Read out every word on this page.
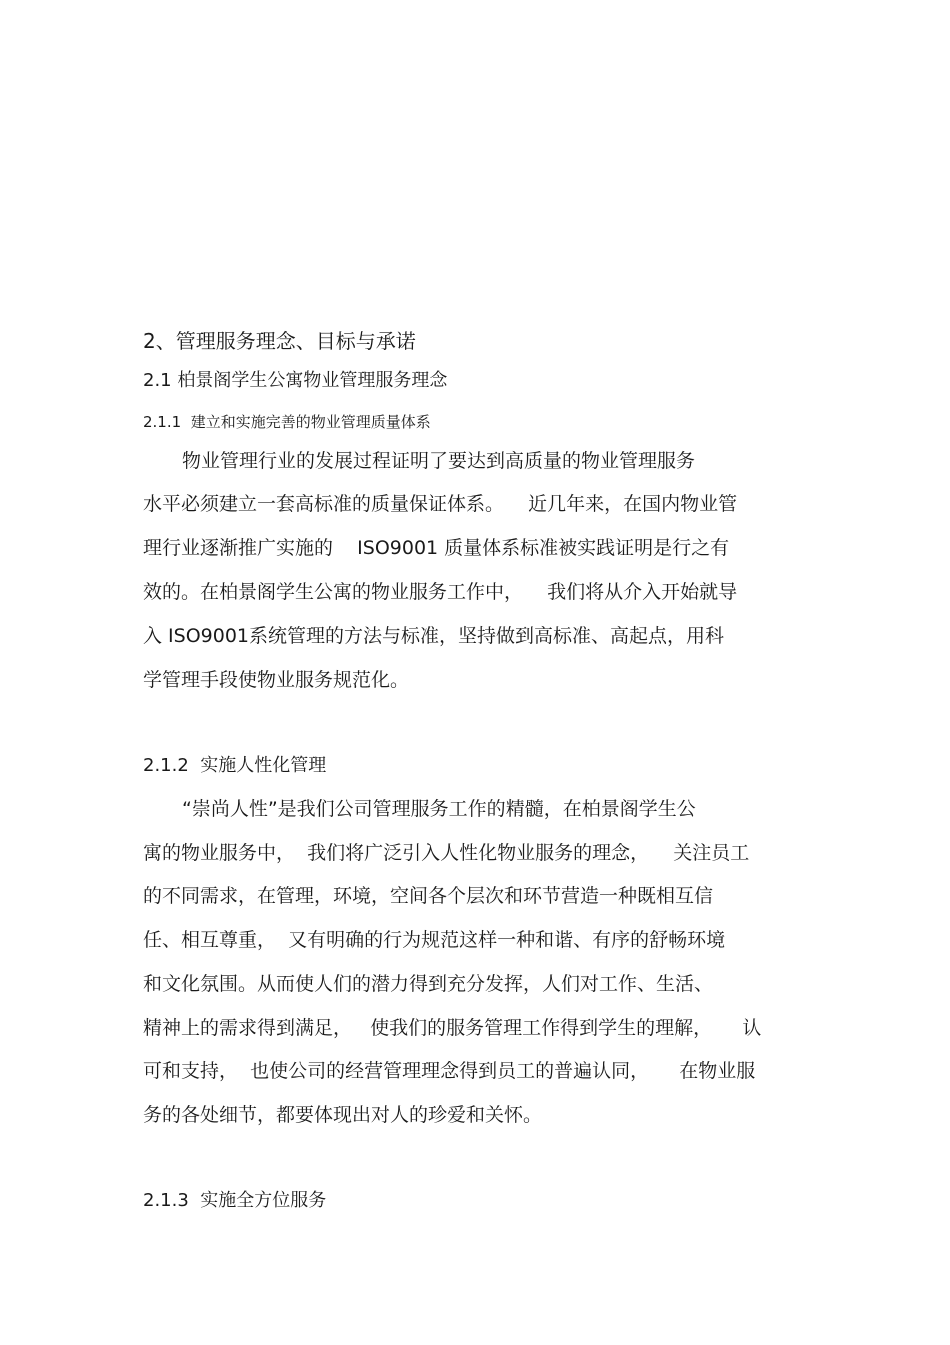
2、管理服务理念、目标与承诺
2.1 柏景阁学生公寓物业管理服务理念
2.1.1  建立和实施完善的物业管理质量体系
物业管理行业的发展过程证明了要达到高质量的物业管理服务
水平必须建立一套高标准的质量保证体系。    近几年来，在国内物业管
理行业逐渐推广实施的    ISO9001 质量体系标准被实践证明是行之有
效的。在柏景阁学生公寓的物业服务工作中，    我们将从介入开始就导
入 ISO9001系统管理的方法与标准，坚持做到高标准、高起点，用科
学管理手段使物业服务规范化。
2.1.2  实施人性化管理
“崇尚人性”是我们公司管理服务工作的精髓，在柏景阁学生公
寓的物业服务中，  我们将广泛引入人性化物业服务的理念，    关注员工
的不同需求，在管理，环境，空间各个层次和环节营造一种既相互信
任、相互尊重，  又有明确的行为规范这样一种和谐、有序的舒畅环境
和文化氛围。从而使人们的潜力得到充分发挥，人们对工作、生活、
精神上的需求得到满足，   使我们的服务管理工作得到学生的理解，     认
可和支持，  也使公司的经营管理理念得到员工的普遍认同，     在物业服
务的各处细节，都要体现出对人的珍爱和关怀。
2.1.3  实施全方位服务
